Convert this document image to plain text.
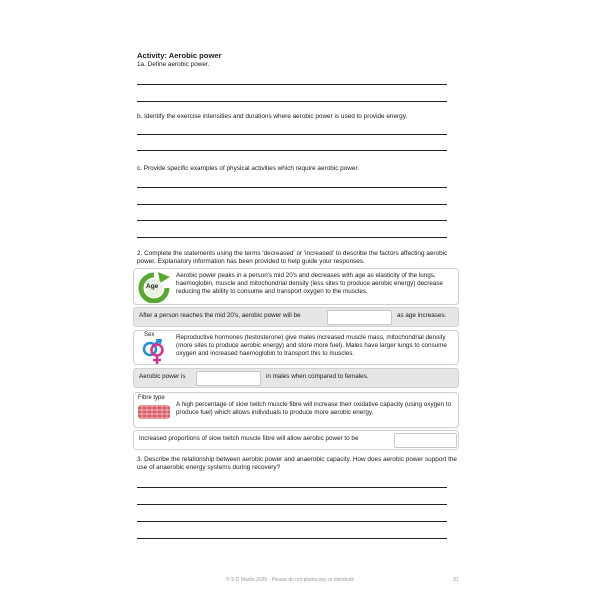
Activity: Aerobic power
1a. Define aerobic power.
b. Identify the exercise intensities and durations where aerobic power is used to provide energy.
c. Provide specific examples of physical activities which require aerobic power.
2. Complete the statements using the terms 'decreased' or 'increased' to describe the factors affecting aerobic power. Explanatory information has been provided to help guide your responses.
Age
Aerobic power peaks in a person's mid 20's and decreases with age as elasticity of the lungs, haemoglobin, muscle and mitochondrial density (less sites to produce aerobic energy) decrease reducing the ability to consume and transport oxygen to the muscles.
After a person reaches the mid 20's, aerobic power will be	as age increases.
Sex	Reproductive hormones (testosterone) give males increased muscle mass, mitochondrial density (more sites to produce aerobic energy) and store more fuel). Males have larger lungs to consume oxygen and increased haemoglobin to transport this to muscles.
Aerobic power is	in males when compared to females.
Fibre type
A high percentage of slow twitch muscle fibre will increase their oxidative capacity (using oxygen to produce fuel) which allows individuals to produce more aerobic energy.
Increased proportions of slow twitch muscle fibre will allow aerobic power to be
3. Describe the relationship between aerobic power and anaerobic capacity. How does aerobic power support the use of anaerobic energy systems during recovery?
© S D Martin 2026 - Please do not photocopy or distribute	31
